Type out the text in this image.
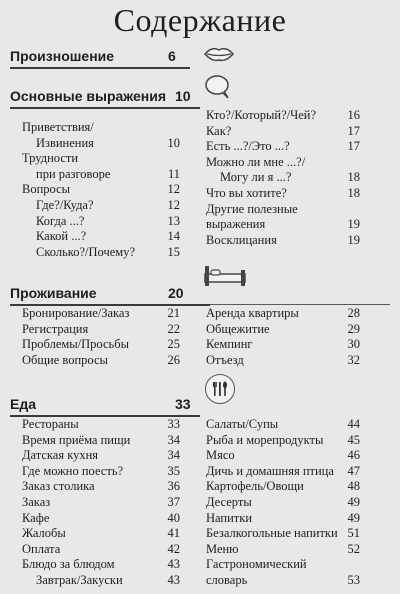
Содержание
Произношение	6
Основные выражения 10
Приветствия/
Извинения	10
Трудности
при разговоре	11
Вопросы	12
Где?/Куда?	12
Когда ...?	13
Какой ...?	14
Сколько?/Почему?	15
Кто?/Который?/Чей?	16
Как?	17
Есть ...?/Это ...?	17
Можно ли мне ...?/
Могу ли я ...?	18
Что вы хотите?	18
Другие полезные
выражения	19
Восклицания	19
Проживание	20
Бронирование/Заказ	21
Регистрация	22
Проблемы/Просьбы	25
Общие вопросы	26
Аренда квартиры	28
Общежитие	29
Кемпинг	30
Отъезд	32
Еда	33
Рестораны	33
Время приёма пищи	34
Датская кухня	34
Где можно поесть?	35
Заказ столика	36
Заказ	37
Кафе	40
Жалобы	41
Оплата	42
Блюдо за блюдом	43
Завтрак/Закуски	43
Салаты/Супы	44
Рыба и морепродукты 45
Мясо	46
Дичь и домашняя птица 47
Картофель/Овощи	48
Десерты	49
Напитки	49
Безалкогольные напитки 51
Меню	52
Гастрономический
словарь	53
